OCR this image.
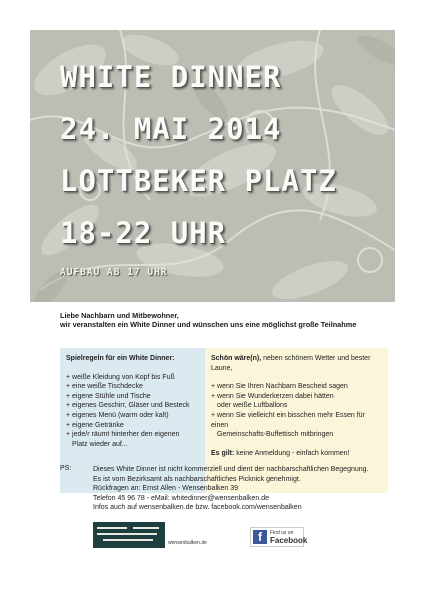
WHITE DINNER
24. MAI 2014
LOTTBEKER PLATZ
18-22 UHR

AUFBAU AB 17 UHR

Liebe Nachbarn und Mitbewohner,
wir veranstalten ein White Dinner und wünschen uns eine möglichst große Teilnahme
Spielregeln für ein White Dinner:
+ weiße Kleidung von Kopf bis Fuß
+ eine weiße Tischdecke
+ eigene Stühle und Tische
+ eigenes Geschirr, Gläser und Besteck
+ eigenes Menü (warm oder kalt)
+ eigene Getränke
+ jede/r räumt hinterher den eigenen
Platz wieder auf...
Schön wäre(n), neben schönem Wetter und bester Laune,
+ wenn Sie Ihren Nachbarn Bescheid sagen
+ wenn Sie Wunderkerzen dabei hätten
oder weiße Luftballons
+ wenn Sie vielleicht ein bisschen mehr Essen für einen
Gemeinschafts-Buffettisch mitbringen
Es gilt: keine Anmeldung - einfach kommen!
PS:	Dieses White Dinner ist nicht kommerziell und dient der nachbarschaftlichen Begegnung.
Es ist vom Bezirksamt als nachbarschaftliches Picknick genehmigt.
Rückfragen an: Ernst Allen - Wensenbalken 39
Telefon 45 96 78 - eMail: whitedinner@wensenbalken.de
Infos auch auf wensenbalken.de bzw. facebook.com/wensenbalken
wensenbalken.de	f	Find us on
Facebook
